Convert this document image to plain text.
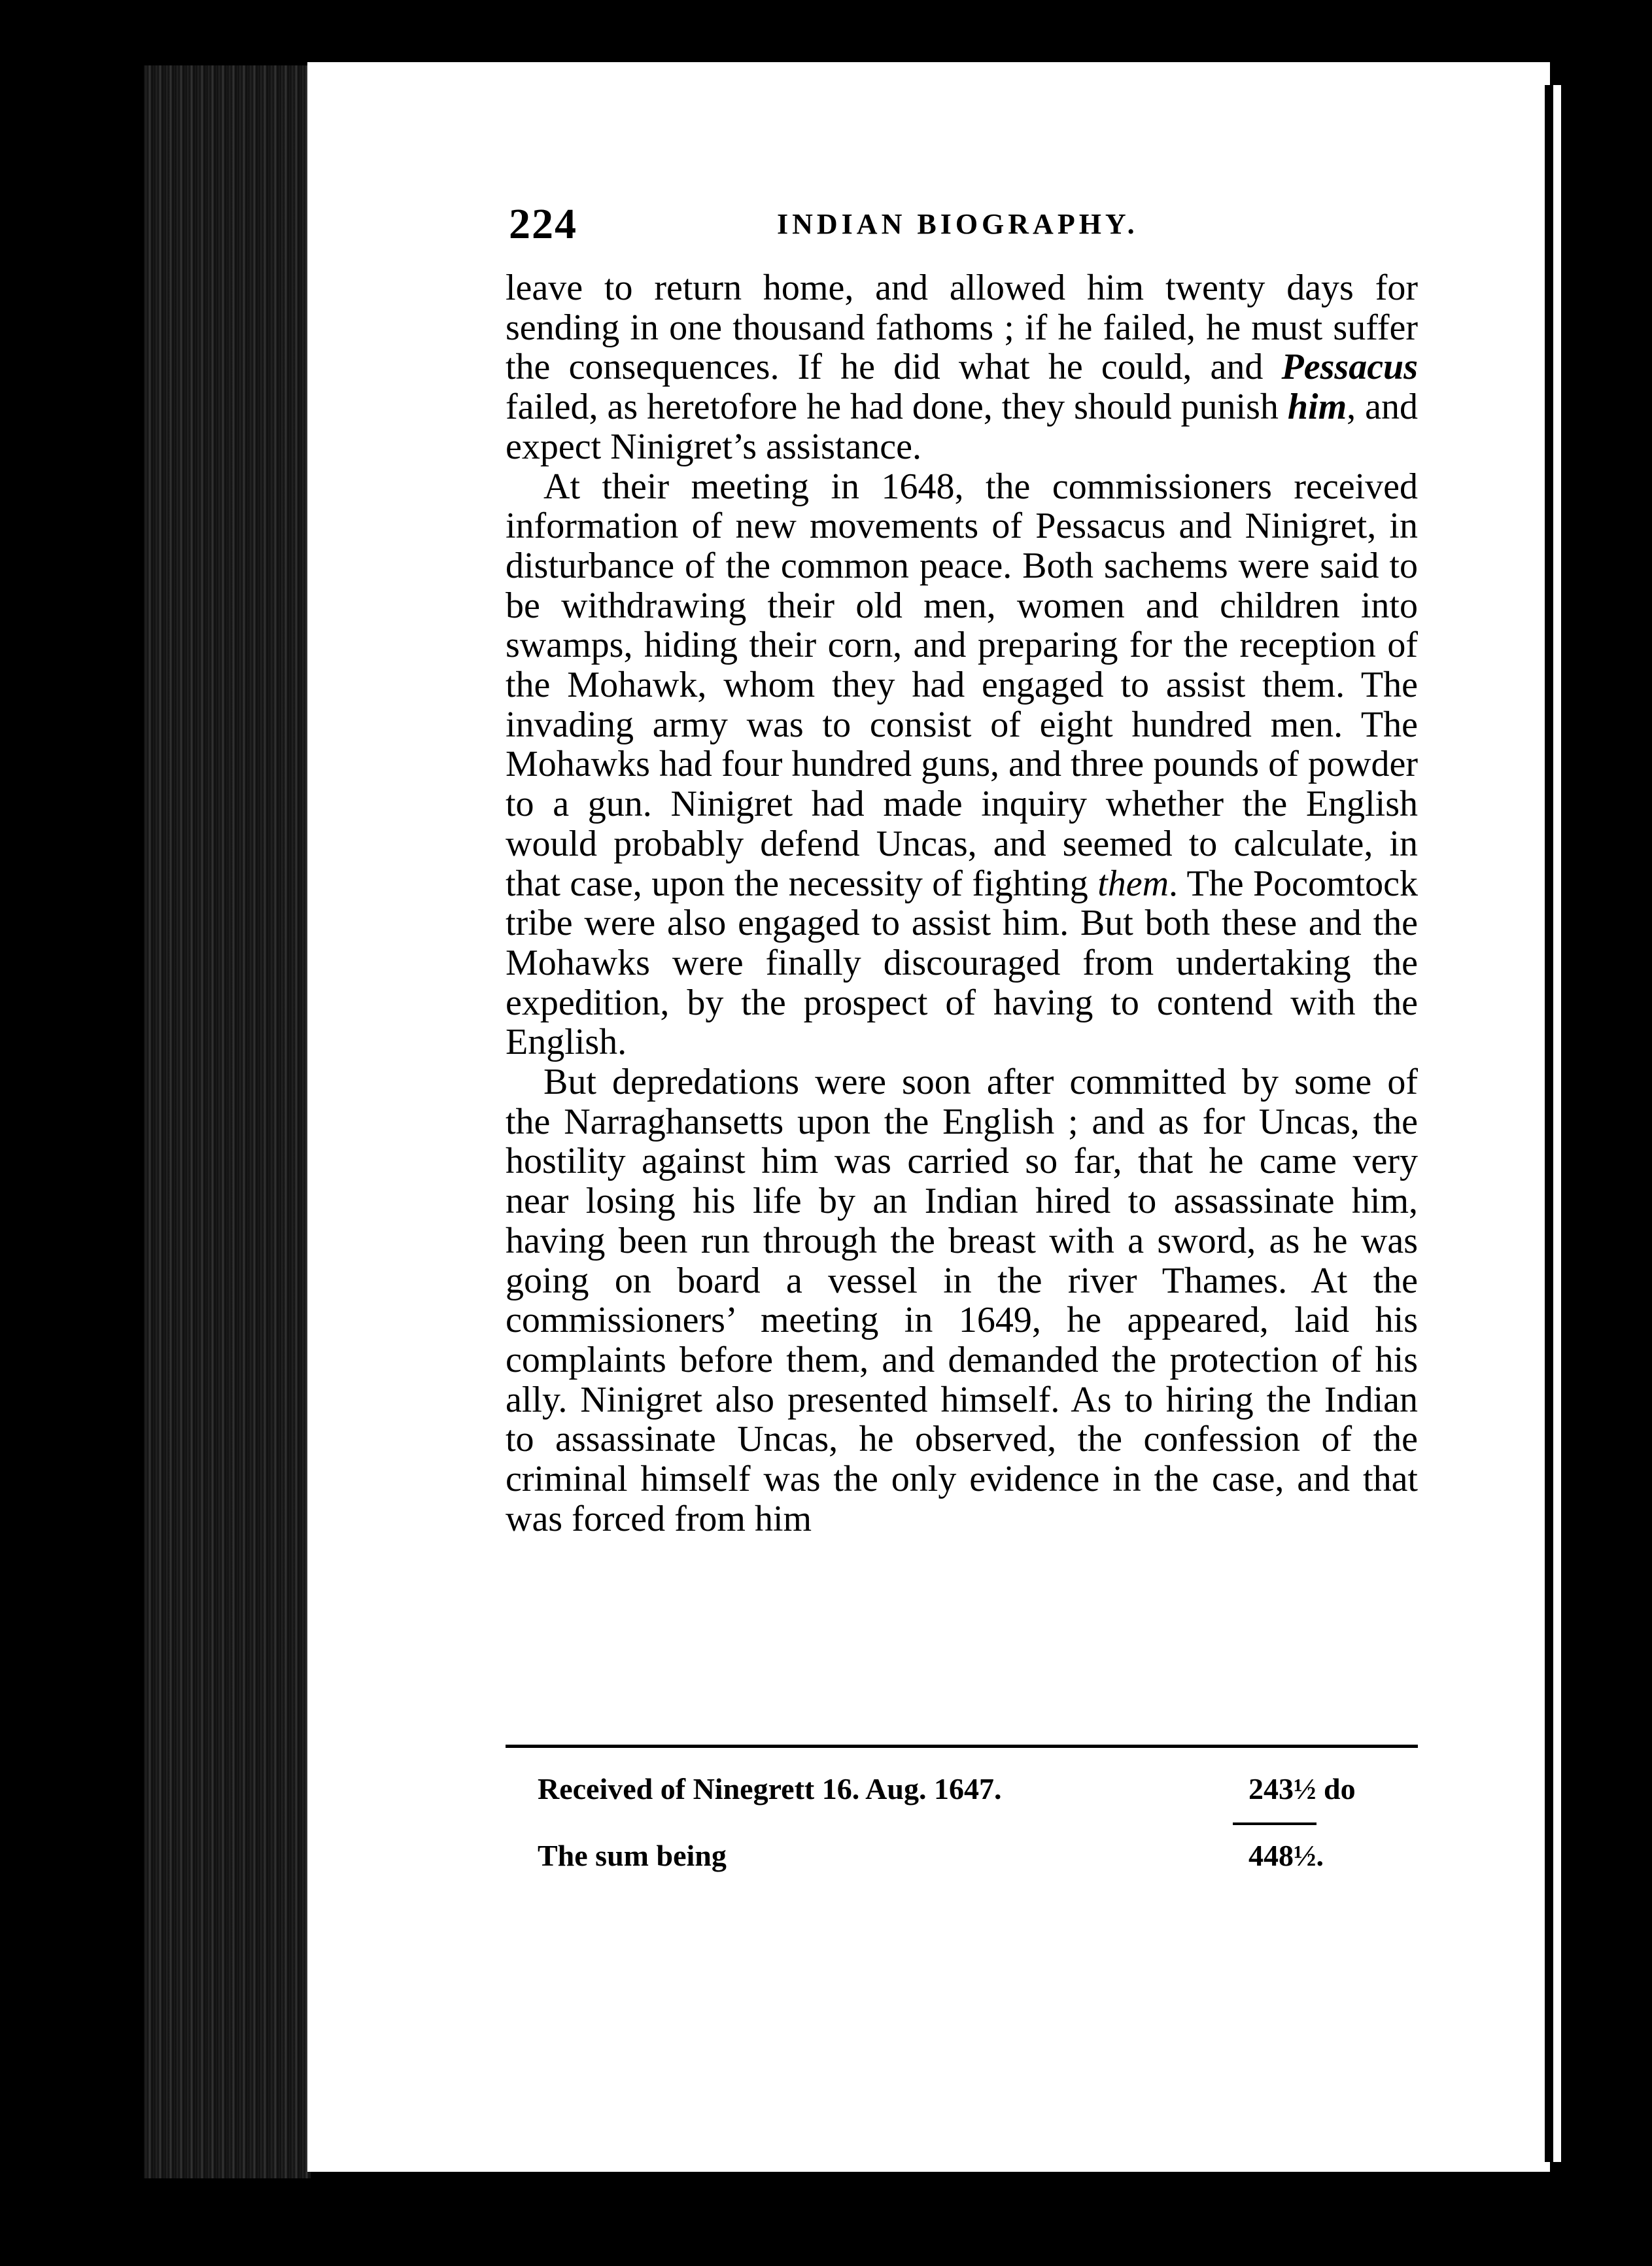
224	INDIAN BIOGRAPHY.

leave to return home, and allowed him twenty days for sending in one thousand fathoms ; if he failed, he must suffer the consequences. If he did what he could, and Pessacus failed, as heretofore he had done, they should punish him, and expect Ninigret’s assistance.

At their meeting in 1648, the commissioners received information of new movements of Pessacus and Ninigret, in disturbance of the common peace. Both sachems were said to be withdrawing their old men, women and children into swamps, hiding their corn, and preparing for the reception of the Mohawk, whom they had engaged to assist them. The invading army was to consist of eight hundred men. The Mohawks had four hundred guns, and three pounds of powder to a gun. Ninigret had made inquiry whether the English would probably defend Uncas, and seemed to calculate, in that case, upon the necessity of fighting them. The Pocomtock tribe were also engaged to assist him. But both these and the Mohawks were finally discouraged from undertaking the expedition, by the prospect of having to contend with the English.

But depredations were soon after committed by some of the Narraghansetts upon the English ; and as for Uncas, the hostility against him was carried so far, that he came very near losing his life by an Indian hired to assassinate him, having been run through the breast with a sword, as he was going on board a vessel in the river Thames. At the commissioners’ meeting in 1649, he appeared, laid his complaints before them, and demanded the protection of his ally. Ninigret also presented himself. As to hiring the Indian to assassinate Uncas, he observed, the confession of the criminal himself was the only evidence in the case, and that was forced from him

Received of Ninegrett 16. Aug. 1647.	243½ do
The sum being	448½.
